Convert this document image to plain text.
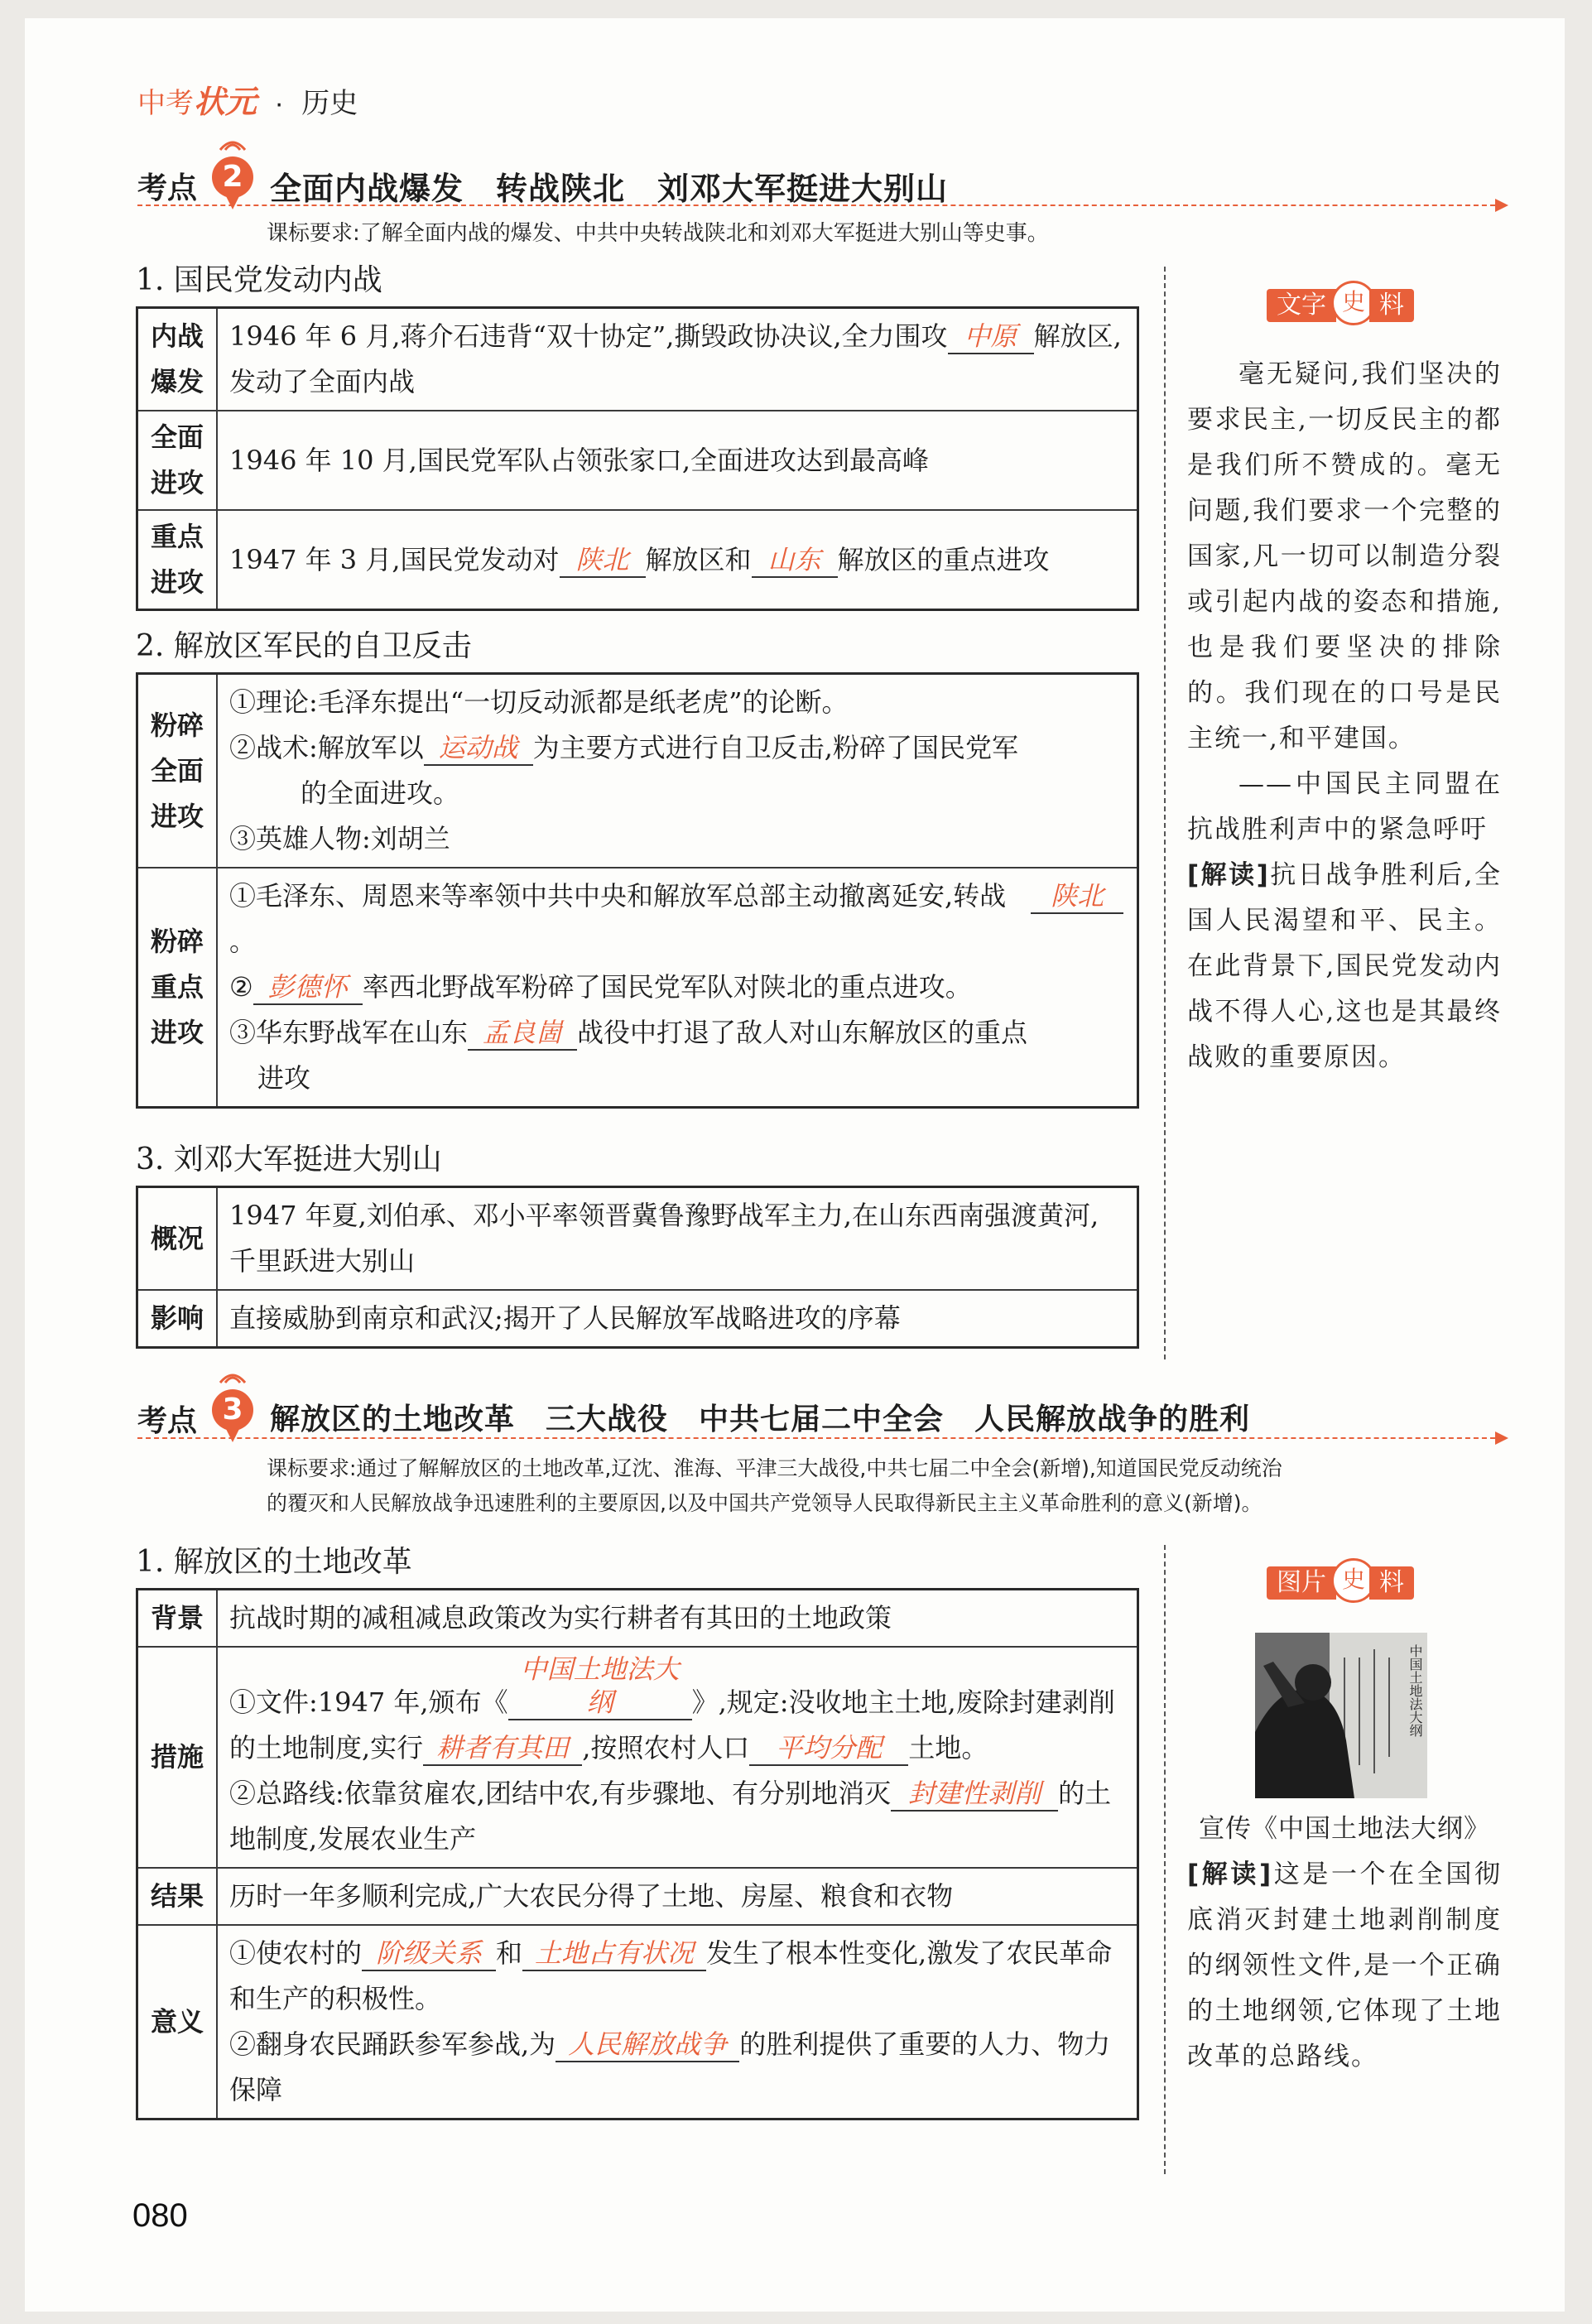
中考状元 · 历史
考点 2 全面内战爆发　转战陕北　刘邓大军挺进大别山
课标要求:了解全面内战的爆发、中共中央转战陕北和刘邓大军挺进大别山等史事。
1. 国民党发动内战
内战爆发	1946 年 6 月,蒋介石违背“双十协定”,撕毁政协决议,全力围攻 中原 解放区,发动了全面内战
全面进攻	1946 年 10 月,国民党军队占领张家口,全面进攻达到最高峰
重点进攻	1947 年 3 月,国民党发动对 陕北 解放区和 山东 解放区的重点进攻
2. 解放区军民的自卫反击
粉碎全面进攻	①理论:毛泽东提出“一切反动派都是纸老虎”的论断。
②战术:解放军以 运动战 为主要方式进行自卫反击,粉碎了国民党军
的全面进攻。
③英雄人物:刘胡兰

粉碎重点进攻	①毛泽东、周恩来等率领中共中央和解放军总部主动撤离延安,转战 陕北。
② 彭德怀 率西北野战军粉碎了国民党军队对陕北的重点进攻。
③华东野战军在山东 孟良崮 战役中打退了敌人对山东解放区的重点
进攻
3. 刘邓大军挺进大别山
概况	1947 年夏,刘伯承、邓小平率领晋冀鲁豫野战军主力,在山东西南强渡黄河,千里跃进大别山
影响	直接威胁到南京和武汉;揭开了人民解放军战略进攻的序幕
文字 史 料

毫无疑问,我们坚决的要求民主,一切反民主的都是我们所不赞成的。毫无问题,我们要求一个完整的国家,凡一切可以制造分裂或引起内战的姿态和措施,也是我们要坚决的排除的。我们现在的口号是民主统一,和平建国。

——中国民主同盟在抗战胜利声中的紧急呼吁

[解读]抗日战争胜利后,全国人民渴望和平、民主。在此背景下,国民党发动内战不得人心,这也是其最终战败的重要原因。

考点 3 解放区的土地改革　三大战役　中共七届二中全会　人民解放战争的胜利
课标要求:通过了解解放区的土地改革,辽沈、淮海、平津三大战役,中共七届二中全会(新增),知道国民党反动统治
的覆灭和人民解放战争迅速胜利的主要原因,以及中国共产党领导人民取得新民主主义革命胜利的意义(新增)。
1. 解放区的土地改革
背景	抗战时期的减租减息政策改为实行耕者有其田的土地政策
措施	①文件:1947 年,颁布《中国土地法大纲 》,规定:没收地主土地,废除封建剥削的土地制度,实行 耕者有其田 ,按照农村人口 平均分配 土地。
②总路线:依靠贫雇农,团结中农,有步骤地、有分别地消灭 封建性剥削 的土地制度,发展农业生产

结果	历时一年多顺利完成,广大农民分得了土地、房屋、粮食和衣物
意义	①使农村的 阶级关系 和 土地占有状况 发生了根本性变化,激发了农民革命和生产的积极性。
②翻身农民踊跃参军参战,为 人民解放战争 的胜利提供了重要的人力、物力保障
图片 史 料
中国土地法大纲

宣传《中国土地法大纲》

[解读]这是一个在全国彻底消灭封建土地剥削制度的纲领性文件,是一个正确的土地纲领,它体现了土地改革的总路线。

080
